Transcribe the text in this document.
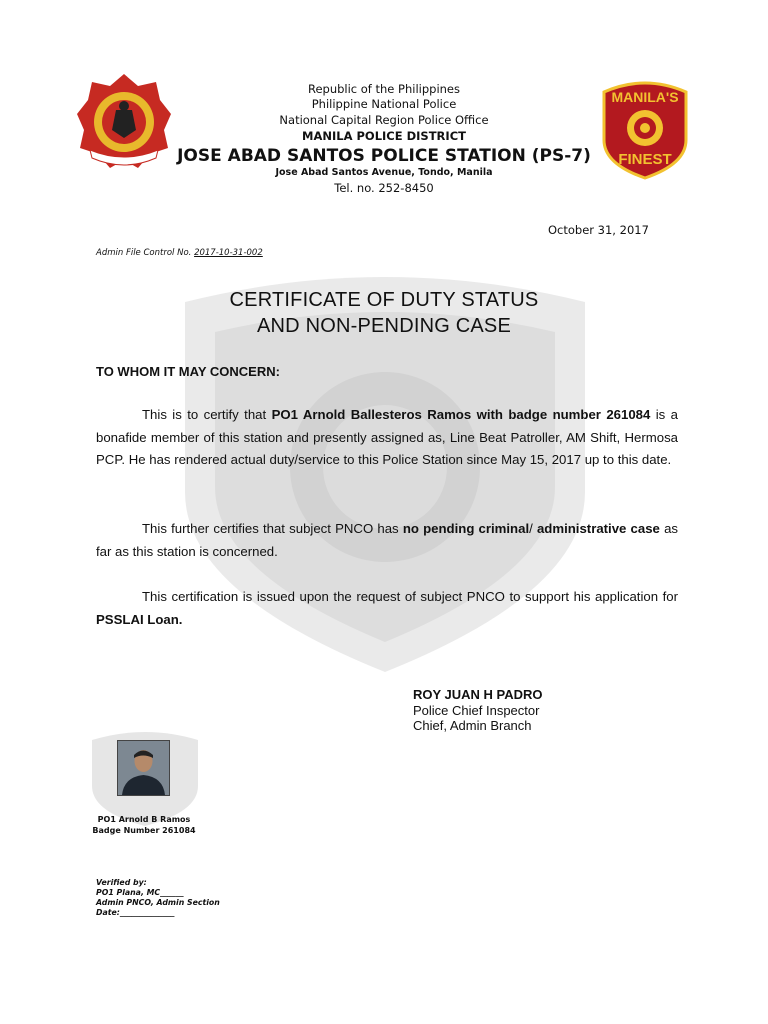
MANILA'S
FINEST
Republic of the Philippines
Philippine National Police
National Capital Region Police Office
MANILA POLICE DISTRICT
JOSE ABAD SANTOS POLICE STATION (PS-7)
Jose Abad Santos Avenue, Tondo, Manila
Tel. no. 252-8450
October 31, 2017
Admin File Control No. 2017-10-31-002
CERTIFICATE OF DUTY STATUS
AND NON-PENDING CASE
TO WHOM IT MAY CONCERN:
This is to certify that PO1 Arnold Ballesteros Ramos with badge number 261084 is a bonafide member of this station and presently assigned as, Line Beat Patroller, AM Shift, Hermosa PCP. He has rendered actual duty/service to this Police Station since May 15, 2017 up to this date.
This further certifies that subject PNCO has no pending criminal/ administrative case as far as this station is concerned.
This certification is issued upon the request of subject PNCO to support his application for PSSLAI Loan.
ROY JUAN H PADRO
Police Chief Inspector
Chief, Admin Branch
PO1 Arnold B Ramos
Badge Number 261084
Verified by:
PO1 Plana, MC______
Admin PNCO, Admin Section
Date:______________
